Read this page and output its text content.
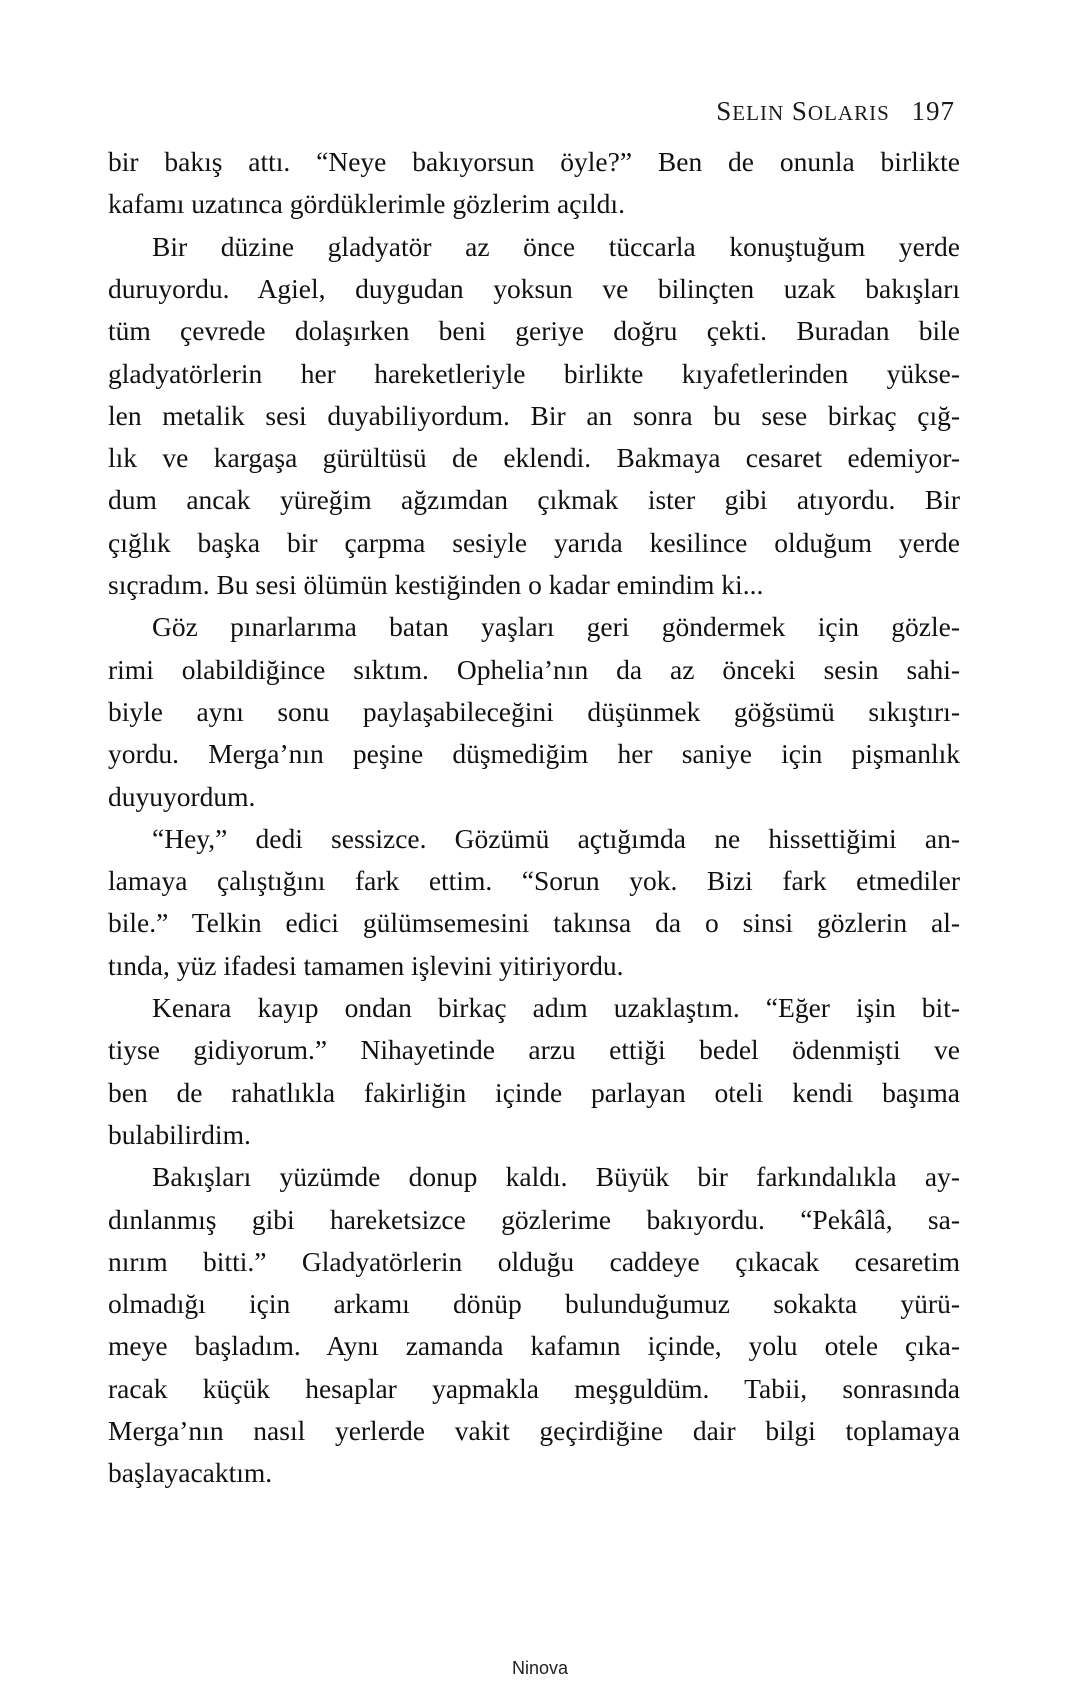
SELIN SOLARIS 197
bir bakış attı. “Neye bakıyorsun öyle?” Ben de onunla birlikte
kafamı uzatınca gördüklerimle gözlerim açıldı.
Bir düzine gladyatör az önce tüccarla konuştuğum yerde
duruyordu. Agiel, duygudan yoksun ve bilinçten uzak bakışları
tüm çevrede dolaşırken beni geriye doğru çekti. Buradan bile
gladyatörlerin her hareketleriyle birlikte kıyafetlerinden yükse-
len metalik sesi duyabiliyordum. Bir an sonra bu sese birkaç çığ-
lık ve kargaşa gürültüsü de eklendi. Bakmaya cesaret edemiyor-
dum ancak yüreğim ağzımdan çıkmak ister gibi atıyordu. Bir
çığlık başka bir çarpma sesiyle yarıda kesilince olduğum yerde
sıçradım. Bu sesi ölümün kestiğinden o kadar emindim ki...
Göz pınarlarıma batan yaşları geri göndermek için gözle-
rimi olabildiğince sıktım. Ophelia’nın da az önceki sesin sahi-
biyle aynı sonu paylaşabileceğini düşünmek göğsümü sıkıştırı-
yordu. Merga’nın peşine düşmediğim her saniye için pişmanlık
duyuyordum.
“Hey,” dedi sessizce. Gözümü açtığımda ne hissettiğimi an-
lamaya çalıştığını fark ettim. “Sorun yok. Bizi fark etmediler
bile.” Telkin edici gülümsemesini takınsa da o sinsi gözlerin al-
tında, yüz ifadesi tamamen işlevini yitiriyordu.
Kenara kayıp ondan birkaç adım uzaklaştım. “Eğer işin bit-
tiyse gidiyorum.” Nihayetinde arzu ettiği bedel ödenmişti ve
ben de rahatlıkla fakirliğin içinde parlayan oteli kendi başıma
bulabilirdim.
Bakışları yüzümde donup kaldı. Büyük bir farkındalıkla ay-
dınlanmış gibi hareketsizce gözlerime bakıyordu. “Pekâlâ, sa-
nırım bitti.” Gladyatörlerin olduğu caddeye çıkacak cesaretim
olmadığı için arkamı dönüp bulunduğumuz sokakta yürü-
meye başladım. Aynı zamanda kafamın içinde, yolu otele çıka-
racak küçük hesaplar yapmakla meşguldüm. Tabii, sonrasında
Merga’nın nasıl yerlerde vakit geçirdiğine dair bilgi toplamaya
başlayacaktım.
Ninova
